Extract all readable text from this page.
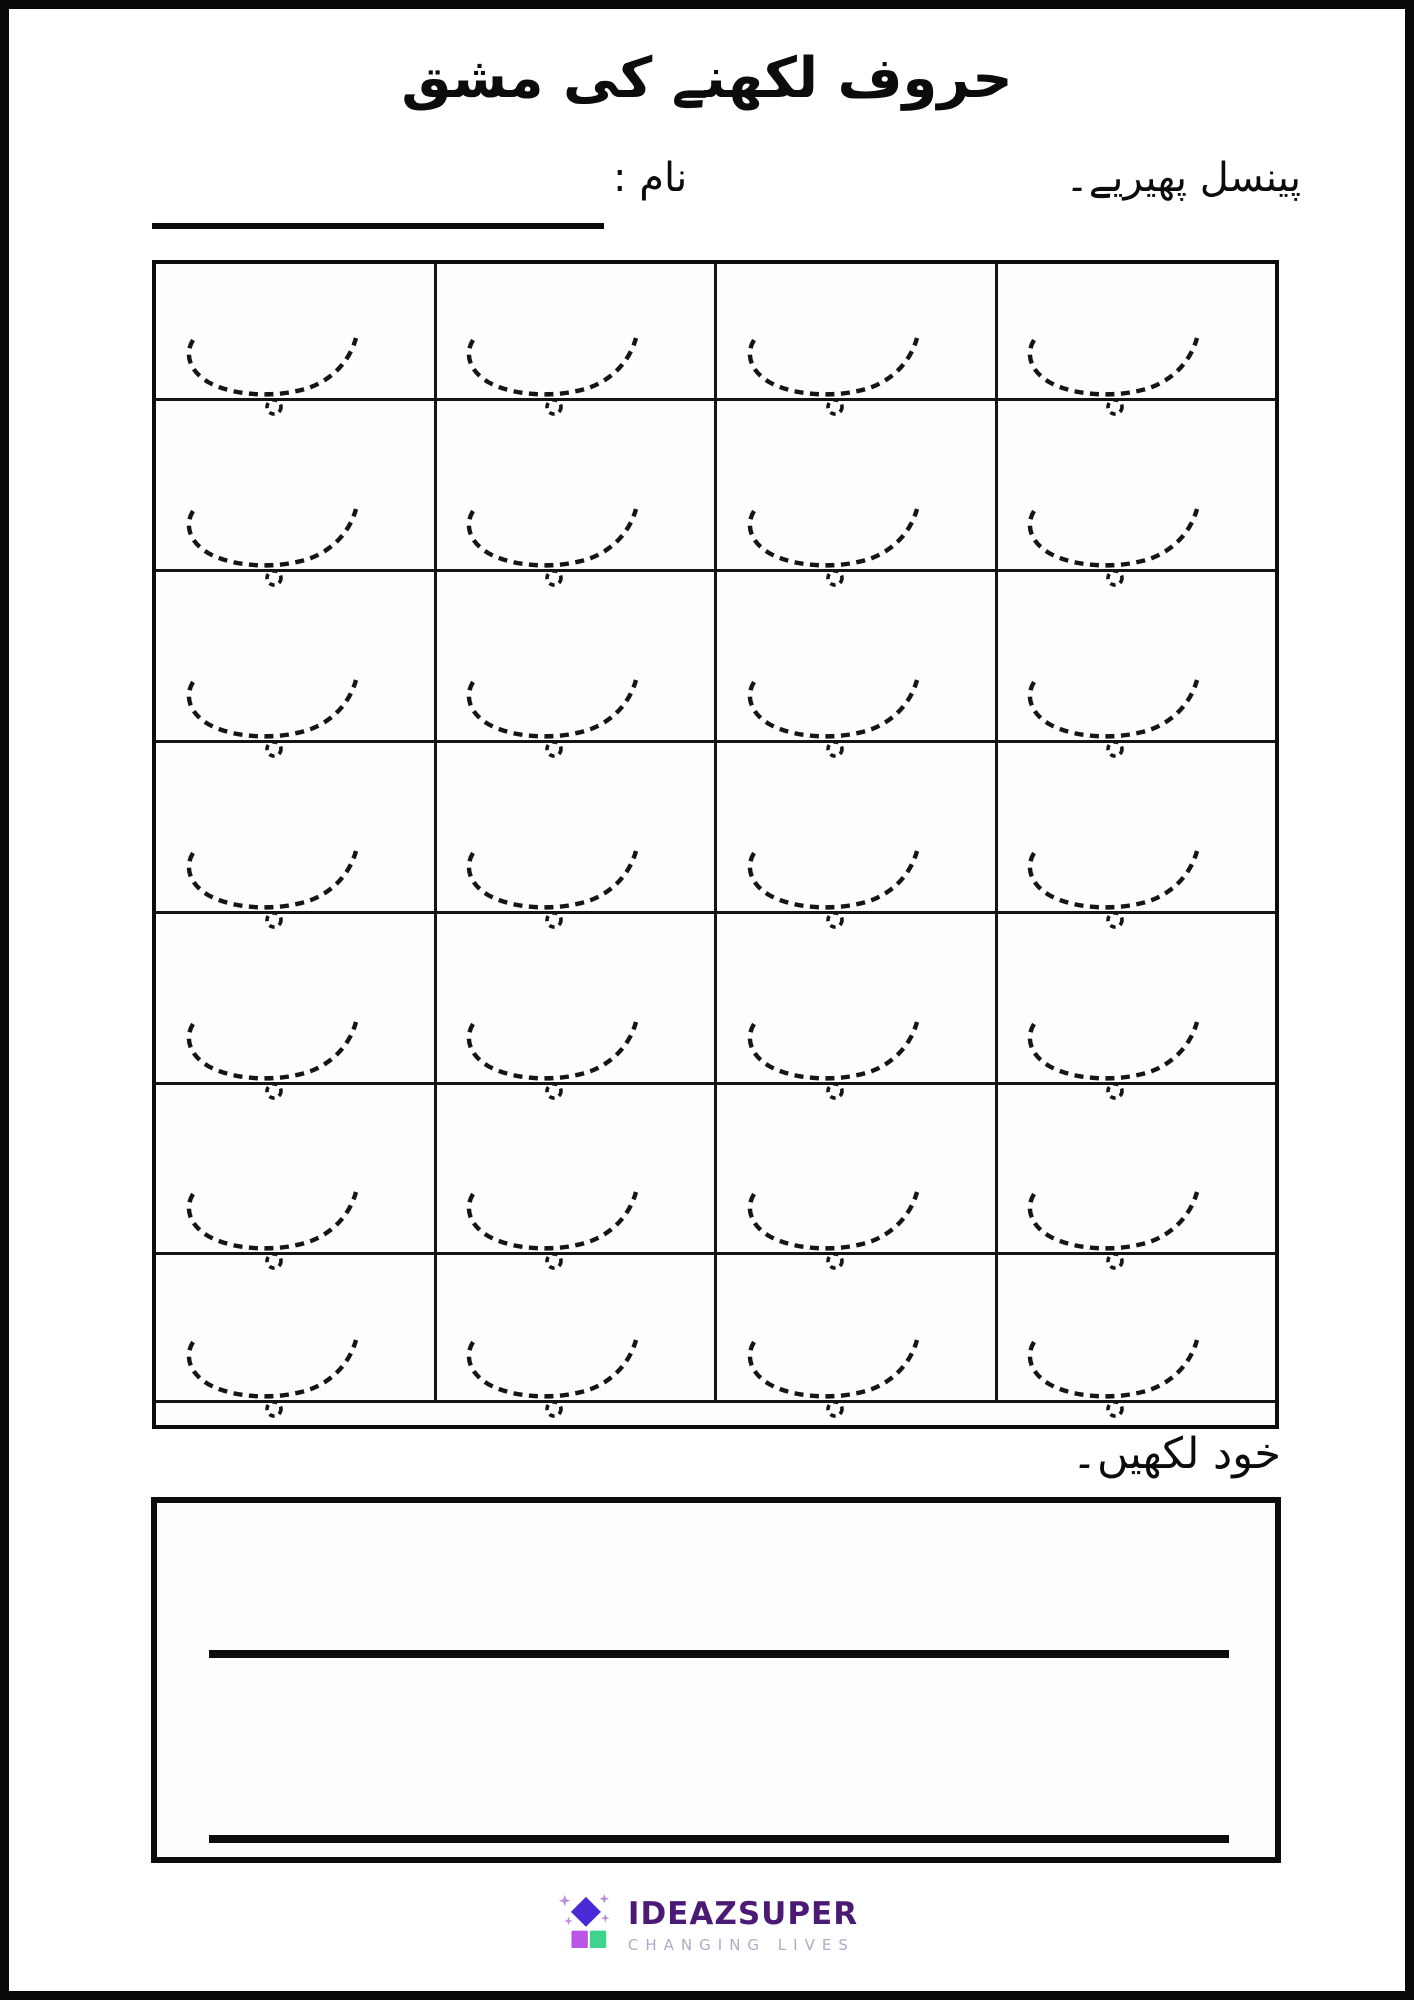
حروف لکھنے کی مشق
نام :	پینسل پھیریے۔
خود لکھیں۔
IDEAZSUPER
CHANGING LIVES
